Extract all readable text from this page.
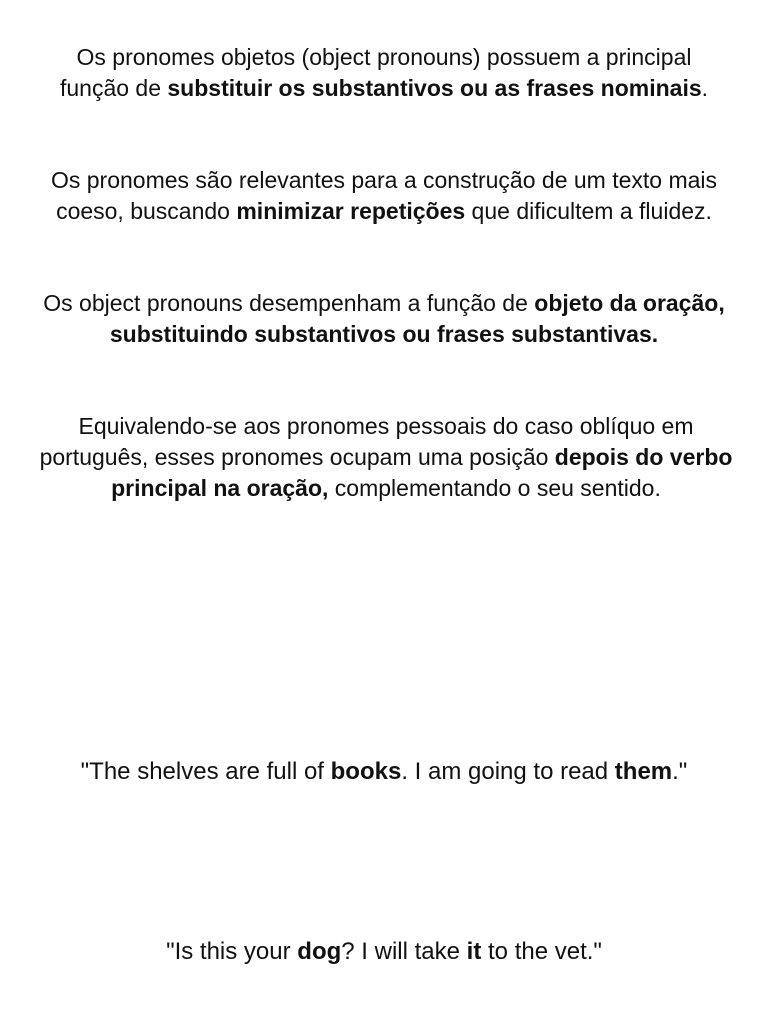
Os pronomes objetos (object pronouns) possuem a principal função de substituir os substantivos ou as frases nominais.

Os pronomes são relevantes para a construção de um texto mais coeso, buscando minimizar repetições que dificultem a fluidez.

Os object pronouns desempenham a função de objeto da oração, substituindo substantivos ou frases substantivas.

Equivalendo-se aos pronomes pessoais do caso oblíquo em português, esses pronomes ocupam uma posição depois do verbo principal na oração, complementando o seu sentido.

"The shelves are full of books. I am going to read them."

"Is this your dog? I will take it to the vet."
